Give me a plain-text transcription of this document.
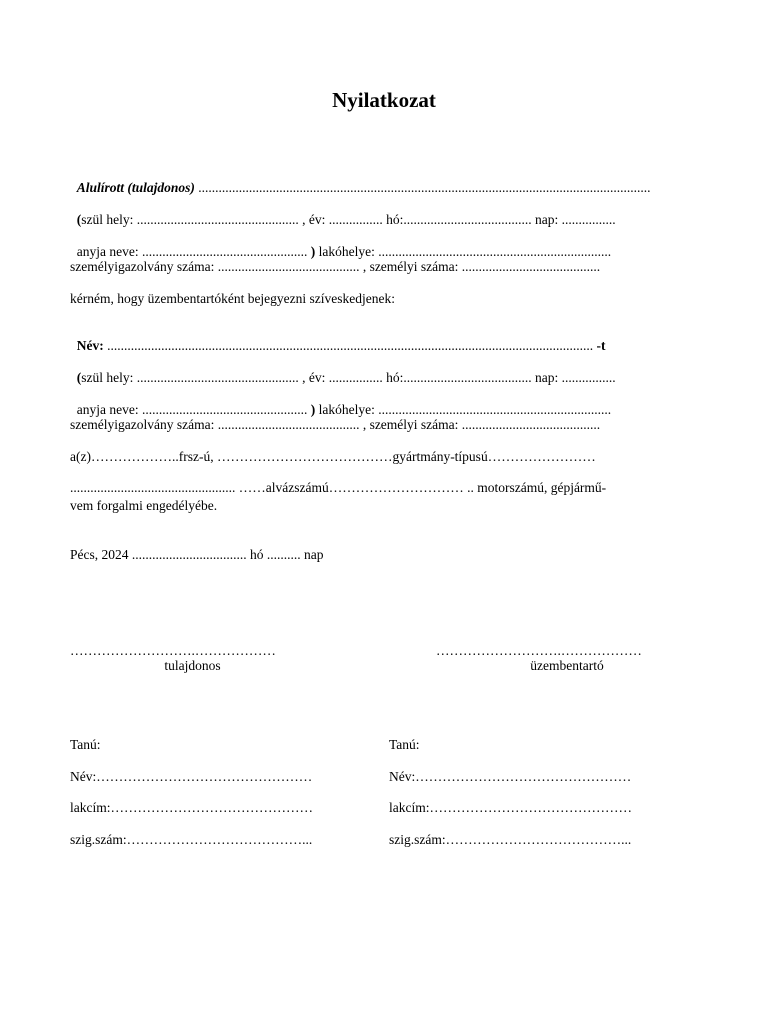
Nyilatkozat

Alulírott (tulajdonos) ......................................................................................................................................

(szül hely: ................................................ , év: ................ hó:...................................... nap: ................

anyja neve: ................................................. ) lakóhelye: .....................................................................

személyigazolvány száma: .......................................... , személyi száma: .........................................
kérném, hogy üzembentartóként bejegyezni szíveskedjenek:

Név: ................................................................................................................................................ -t

(szül hely: ................................................ , év: ................ hó:...................................... nap: ................

anyja neve: ................................................. ) lakóhelye: .....................................................................

személyigazolvány száma: .......................................... , személyi száma: .........................................
a(z)………………..frsz-ú, …………………………………gyártmány-típusú……………………
................................................. ……alvázszámú………………………… .. motorszámú, gépjármű-
vem forgalmi engedélyébe.
Pécs, 2024 .................................. hó .......... nap
……………………….………………
tulajdonos
……………………….………………
üzembentartó
Tanú:
Név:…………………………………………
lakcím:………………………………………
szig.szám:…………………………………...
Tanú:
Név:…………………………………………
lakcím:………………………………………
szig.szám:…………………………………...
